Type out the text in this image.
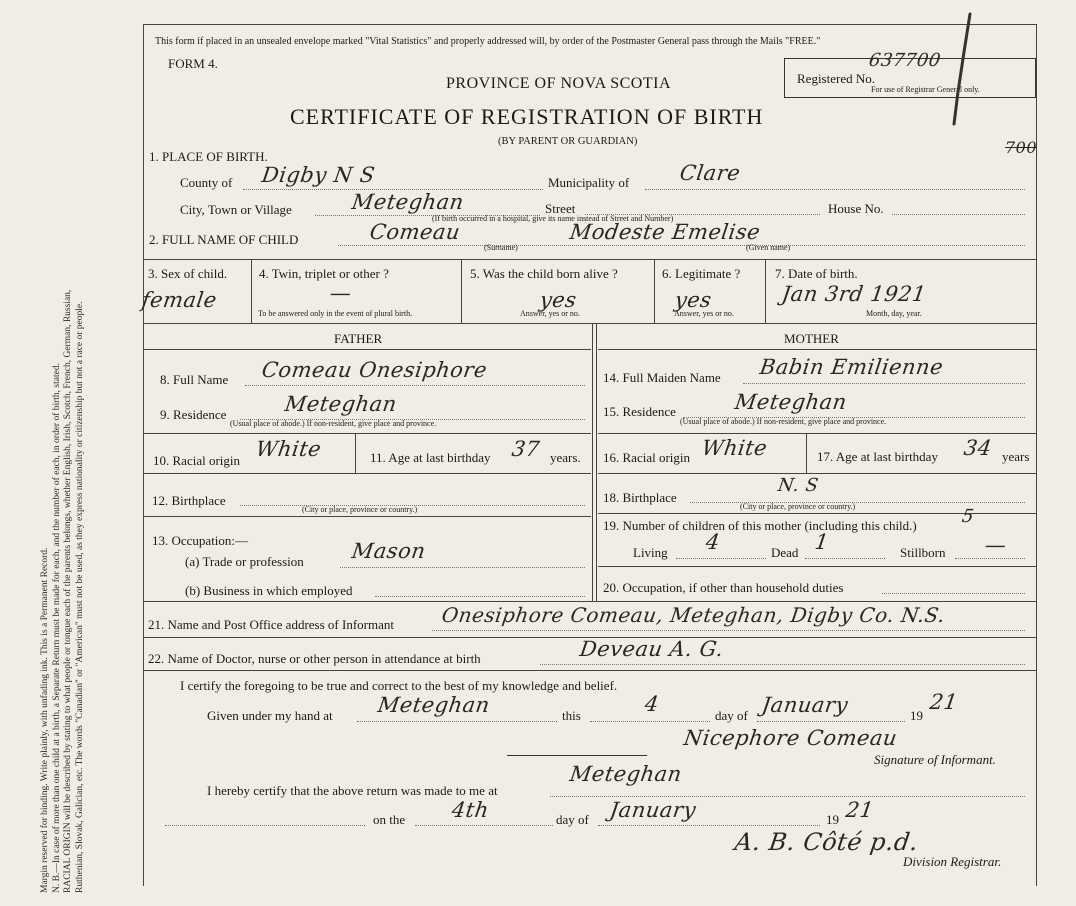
Margin reserved for binding. Write plainly, with unfading ink. This is a Permanent Record. N. B.—In case of more than one child at a birth, a Separate Return must be made for each, and the number of each, in order of birth, stated. RACIAL ORIGIN will be described by stating to what people or tongue each of the parents belongs, whether English, Irish, Scotch, French, German, Russian, Ruthenian, Slovak, Galician, etc. The words "Canadian" or "American" must not be used, as they express nationality or citizenship but not a race or people.
This form if placed in an unsealed envelope marked "Vital Statistics" and properly addressed will, by order of the Postmaster General pass through the Mails "FREE."
FORM 4.
PROVINCE OF NOVA SCOTIA
CERTIFICATE OF REGISTRATION OF BIRTH
(BY PARENT OR GUARDIAN)
Registered No.
637700
For use of Registrar General only.
700
1. PLACE OF BIRTH.
County of Digby N S	Municipality of Clare
City, Town or Village	Meteghan	Street	House No.
(If birth occurred in a hospital, give its name instead of Street and Number)
2. FULL NAME OF CHILD	Comeau	Modeste Emelise
(Surname)	(Given name)
3. Sex of child.
female
4. Twin, triplet or other ?
—
To be answered only in the event of plural birth.
5. Was the child born alive ?
yes
Answer, yes or no.
6. Legitimate ?
yes
Answer, yes or no.
7. Date of birth.
Jan 3rd 1921
Month, day, year.
FATHER	MOTHER
8. Full Name Comeau Onesiphore
9. Residence	Meteghan
(Usual place of abode.) If non-resident, give place and province.
10. Racial origin White	11. Age at last birthday 37 years.
12. Birthplace
(City or place, province or country.)
13. Occupation:—
(a) Trade or profession Mason
(b) Business in which employed
14. Full Maiden Name Babin Emilienne
15. Residence	Meteghan
(Usual place of abode.) If non-resident, give place and province.
16. Racial origin White	17. Age at last birthday 34 years
18. Birthplace
N. S
(City or place, province or country.)
19. Number of children of this mother (including this child.) 5
Living 4	Dead 1	Stillborn —
20. Occupation, if other than household duties
21. Name and Post Office address of Informant Onesiphore Comeau, Meteghan, Digby Co. N.S.
22. Name of Doctor, nurse or other person in attendance at birth	Deveau A. G.
I certify the foregoing to be true and correct to the best of my knowledge and belief.
Given under my hand at Meteghan	this	4	day of January	19
21
Nicephore Comeau
Signature of Informant.
I hereby certify that the above return was made to me at
Meteghan
on the 4th	day of January	19 21
A. B. Côté p.d.
Division Registrar.
